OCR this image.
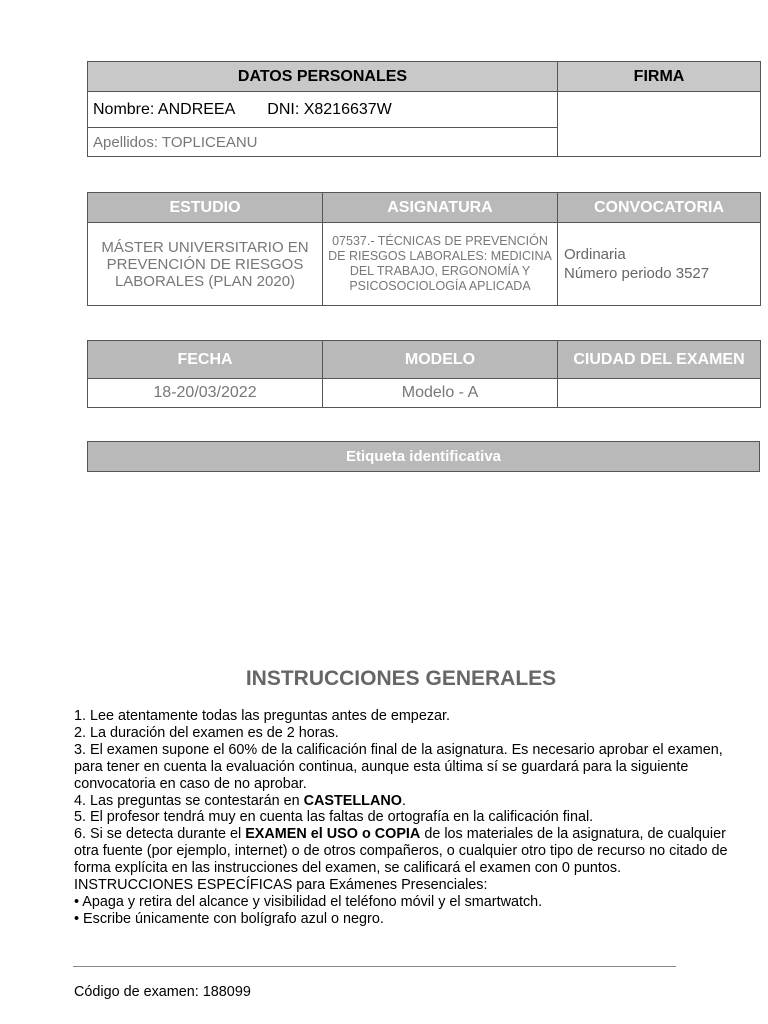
DATOS PERSONALES	FIRMA
Nombre: ANDREEA DNI: X8216637W	
Apellidos: TOPLICEANU	
ESTUDIO	ASIGNATURA	CONVOCATORIA
MÁSTER UNIVERSITARIO EN PREVENCIÓN DE RIESGOS LABORALES (PLAN 2020)	07537.- TÉCNICAS DE PREVENCIÓN DE RIESGOS LABORALES: MEDICINA DEL TRABAJO, ERGONOMÍA Y PSICOSOCIOLOGÍA APLICADA	Ordinaria
Número periodo 3527
FECHA	MODELO	CIUDAD DEL EXAMEN
18-20/03/2022	Modelo - A	
Etiqueta identificativa
INSTRUCCIONES GENERALES

1. Lee atentamente todas las preguntas antes de empezar.

2. La duración del examen es de 2 horas.

3. El examen supone el 60% de la calificación final de la asignatura. Es necesario aprobar el examen, para tener en cuenta la evaluación continua, aunque esta última sí se guardará para la siguiente convocatoria en caso de no aprobar.

4. Las preguntas se contestarán en CASTELLANO.

5. El profesor tendrá muy en cuenta las faltas de ortografía en la calificación final.

6. Si se detecta durante el EXAMEN el USO o COPIA de los materiales de la asignatura, de cualquier otra fuente (por ejemplo, internet) o de otros compañeros, o cualquier otro tipo de recurso no citado de forma explícita en las instrucciones del examen, se calificará el examen con 0 puntos.

INSTRUCCIONES ESPECÍFICAS para Exámenes Presenciales:

• Apaga y retira del alcance y visibilidad el teléfono móvil y el smartwatch.

• Escribe únicamente con bolígrafo azul o negro.

Código de examen: 188099
